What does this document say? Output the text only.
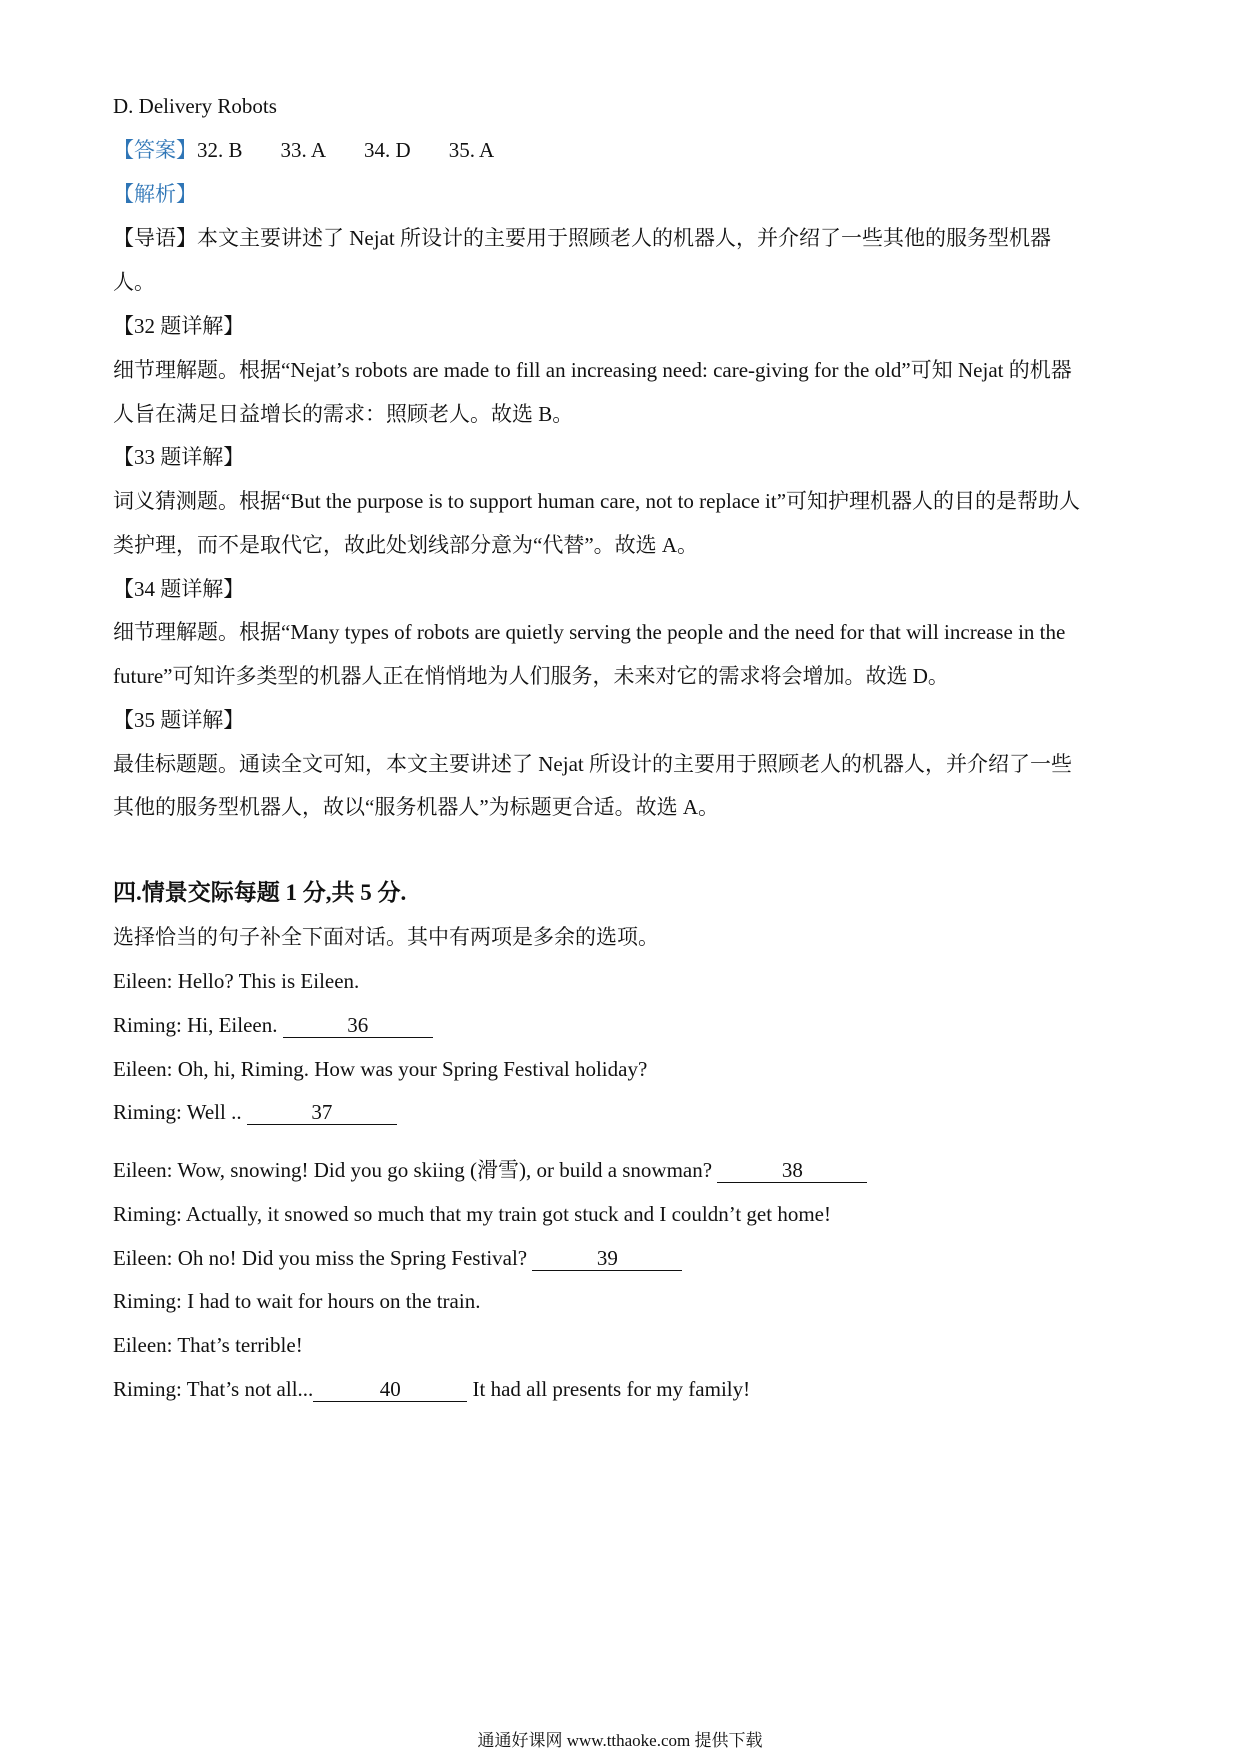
D. Delivery Robots
【答案】32. B 33. A 34. D 35. A
【解析】
【导语】本文主要讲述了 Nejat 所设计的主要用于照顾老人的机器人，并介绍了一些其他的服务型机器
人。
【32 题详解】
细节理解题。根据“Nejat’s robots are made to fill an increasing need: care-giving for the old”可知 Nejat 的机器
人旨在满足日益增长的需求：照顾老人。故选 B。
【33 题详解】
词义猜测题。根据“But the purpose is to support human care, not to replace it”可知护理机器人的目的是帮助人
类护理，而不是取代它，故此处划线部分意为“代替”。故选 A。
【34 题详解】
细节理解题。根据“Many types of robots are quietly serving the people and the need for that will increase in the
future”可知许多类型的机器人正在悄悄地为人们服务，未来对它的需求将会增加。故选 D。
【35 题详解】
最佳标题题。通读全文可知，本文主要讲述了 Nejat 所设计的主要用于照顾老人的机器人，并介绍了一些
其他的服务型机器人，故以“服务机器人”为标题更合适。故选 A。
四.情景交际每题 1 分,共 5 分.
选择恰当的句子补全下面对话。其中有两项是多余的选项。
Eileen: Hello? This is Eileen.
Riming: Hi, Eileen.	36
Eileen: Oh, hi, Riming. How was your Spring Festival holiday?
Riming: Well ..	37
Eileen: Wow, snowing! Did you go skiing (滑雪), or build a snowman?	38
Riming: Actually, it snowed so much that my train got stuck and I couldn’t get home!
Eileen: Oh no! Did you miss the Spring Festival?	39
Riming: I had to wait for hours on the train.
Eileen: That’s terrible!
Riming: That’s not all...	40	It had all presents for my family!
通通好课网 www.tthaoke.com 提供下载
